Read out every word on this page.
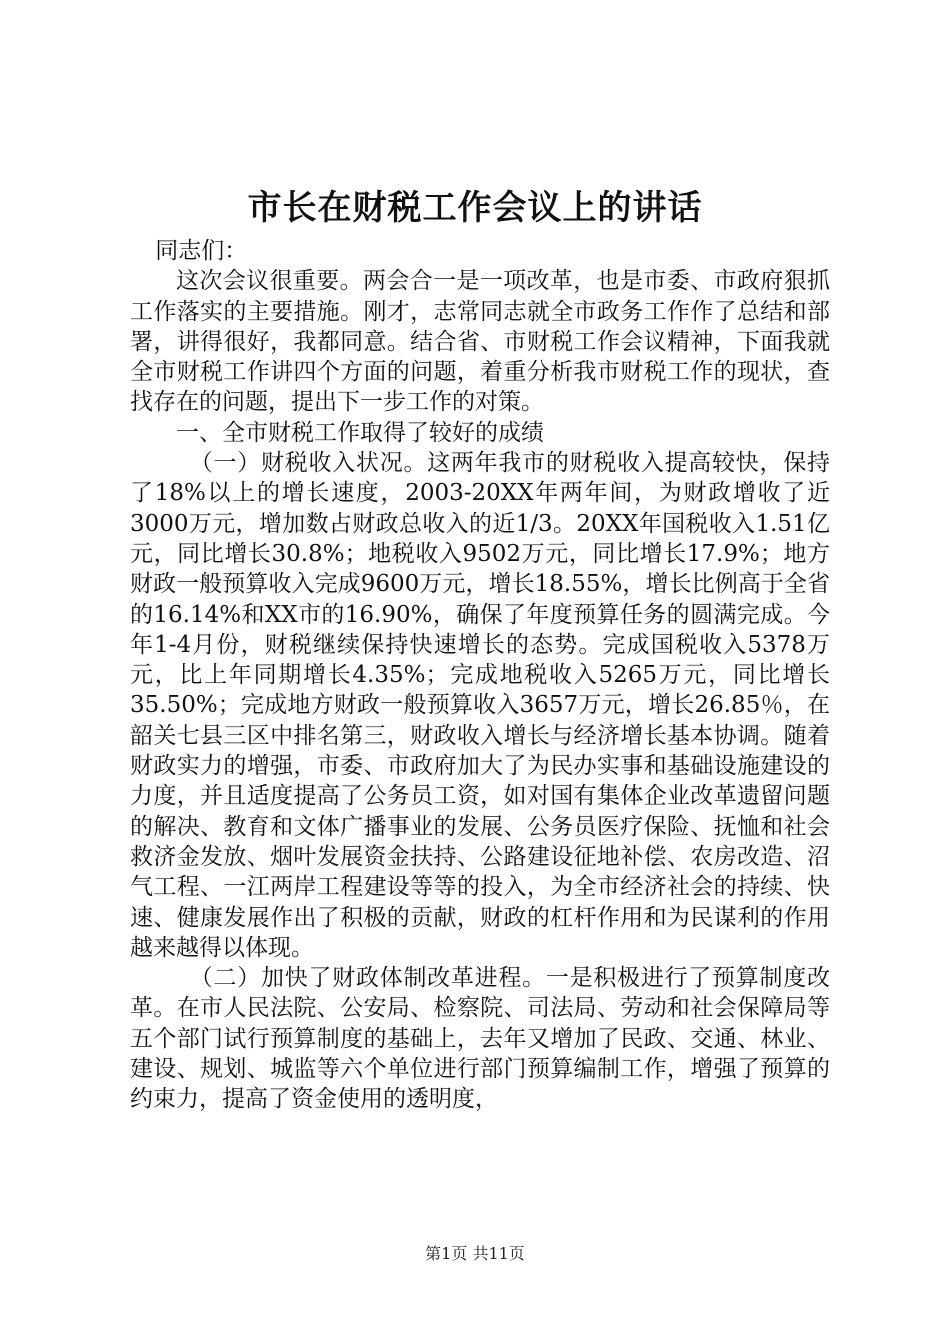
市长在财税工作会议上的讲话

同志们：

这次会议很重要。两会合一是一项改革，也是市委、市政府狠抓工作落实的主要措施。刚才，志常同志就全市政务工作作了总结和部署，讲得很好，我都同意。结合省、市财税工作会议精神，下面我就全市财税工作讲四个方面的问题，着重分析我市财税工作的现状，查找存在的问题，提出下一步工作的对策。

一、全市财税工作取得了较好的成绩

（一）财税收入状况。这两年我市的财税收入提高较快，保持了18%以上的增长速度，2003-20XX年两年间，为财政增收了近3000万元，增加数占财政总收入的近1/3。20XX年国税收入1.51亿元，同比增长30.8%；地税收入9502万元，同比增长17.9%；地方财政一般预算收入完成9600万元，增长18.55%，增长比例高于全省的16.14%和XX市的16.90%，确保了年度预算任务的圆满完成。今年1-4月份，财税继续保持快速增长的态势。完成国税收入5378万元，比上年同期增长4.35%；完成地税收入5265万元，同比增长35.50%；完成地方财政一般预算收入3657万元，增长26.85％，在韶关七县三区中排名第三，财政收入增长与经济增长基本协调。随着财政实力的增强，市委、市政府加大了为民办实事和基础设施建设的力度，并且适度提高了公务员工资，如对国有集体企业改革遗留问题的解决、教育和文体广播事业的发展、公务员医疗保险、抚恤和社会救济金发放、烟叶发展资金扶持、公路建设征地补偿、农房改造、沼气工程、一江两岸工程建设等等的投入，为全市经济社会的持续、快速、健康发展作出了积极的贡献，财政的杠杆作用和为民谋利的作用越来越得以体现。

（二）加快了财政体制改革进程。一是积极进行了预算制度改革。在市人民法院、公安局、检察院、司法局、劳动和社会保障局等五个部门试行预算制度的基础上，去年又增加了民政、交通、林业、建设、规划、城监等六个单位进行部门预算编制工作，增强了预算的约束力，提高了资金使用的透明度，

第1页 共11页
